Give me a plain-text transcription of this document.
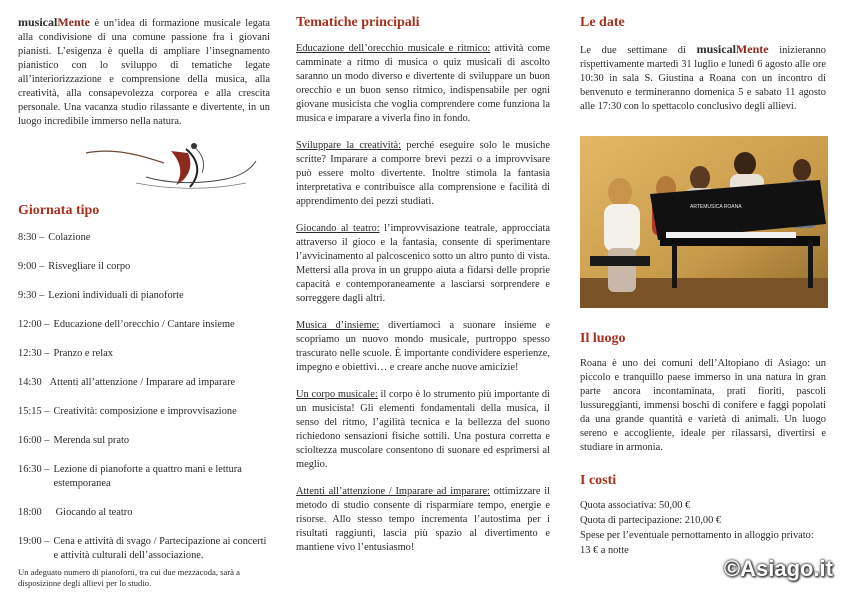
musicalMente è un’idea di formazione musicale legata alla condivisione di una comune passione fra i giovani pianisti. L’esigenza è quella di ampliare l’insegnamento pianistico con lo sviluppo di tematiche legate all’interiorizzazione e comprensione della musica, alla creatività, alla consapevolezza corporea e alla crescita personale. Una vacanza studio rilassante e divertente, in un luogo incredibile immerso nella natura.
Giornata tipo
8:30 – Colazione
9:00 – Risvegliare il corpo
9:30 – Lezioni individuali di pianoforte
12:00 – Educazione dell’orecchio / Cantare insieme
12:30 – Pranzo e relax
14:30 Attenti all’attenzione / Imparare ad imparare
15:15 – Creatività: composizione e improvvisazione
16:00 – Merenda sul prato
16:30 – Lezione di pianoforte a quattro mani e lettura estemporanea
18:00	Giocando al teatro
19:00 – Cena e attività di svago / Partecipazione ai concerti e attività culturali dell’associazione.
Un adeguato numero di pianoforti, tra cui due mezzacoda, sarà a disposizione degli allievi per lo studio.
Tematiche principali

Educazione dell’orecchio musicale e ritmico: attività come camminate a ritmo di musica o quiz musicali di ascolto saranno un modo diverso e divertente di sviluppare un buon orecchio e un buon senso ritmico, indispensabile per ogni giovane musicista che voglia comprendere come funziona la musica e imparare a viverla fino in fondo.

Sviluppare la creatività: perché eseguire solo le musiche scritte? Imparare a comporre brevi pezzi o a improvvisare può essere molto divertente. Inoltre stimola la fantasia interpretativa e contribuisce alla comprensione e facilità di apprendimento dei pezzi studiati.

Giocando al teatro: l’improvvisazione teatrale, approcciata attraverso il gioco e la fantasia, consente di sperimentare l’avvicinamento al palcoscenico sotto un altro punto di vista. Mettersi alla prova in un gruppo aiuta a fidarsi delle proprie capacità e contemporaneamente a lasciarsi sorprendere e sorreggere dagli altri.

Musica d’insieme: divertiamoci a suonare insieme e scopriamo un nuovo mondo musicale, purtroppo spesso trascurato nelle scuole. È importante condividere esperienze, impegno e obiettivi… e creare anche nuove amicizie!

Un corpo musicale: il corpo è lo strumento più importante di un musicista! Gli elementi fondamentali della musica, il senso del ritmo, l’agilità tecnica e la bellezza del suono richiedono sensazioni fisiche sottili. Una postura corretta e scioltezza muscolare consentono di suonare ed esprimersi al meglio.

Attenti all’attenzione / Imparare ad imparare: ottimizzare il metodo di studio consente di risparmiare tempo, energie e risorse. Allo stesso tempo incrementa l’autostima per i risultati raggiunti, lascia più spazio al divertimento e mantiene vivo l’entusiasmo!

Le date
Le due settimane di musicalMente inizieranno rispettivamente martedì 31 luglio e lunedì 6 agosto alle ore 10:30 in sala S. Giustina a Roana con un incontro di benvenuto e termineranno domenica 5 e sabato 11 agosto alle 17:30 con lo spettacolo conclusivo degli allievi.
ARTEMUSICA ROANA
Il luogo
Roana è uno dei comuni dell’Altopiano di Asiago: un piccolo e tranquillo paese immerso in una natura in gran parte ancora incontaminata, prati fioriti, pascoli lussureggianti, immensi boschi di conifere e faggi popolati da una grande quantità e varietà di animali. Un luogo sereno e accogliente, ideale per rilassarsi, divertirsi e studiare in armonia.
I costi
Quota associativa: 50,00 €
Quota di partecipazione: 210,00 €
Spese per l’eventuale pernottamento in alloggio privato:
13 € a notte
©Asiago.it
